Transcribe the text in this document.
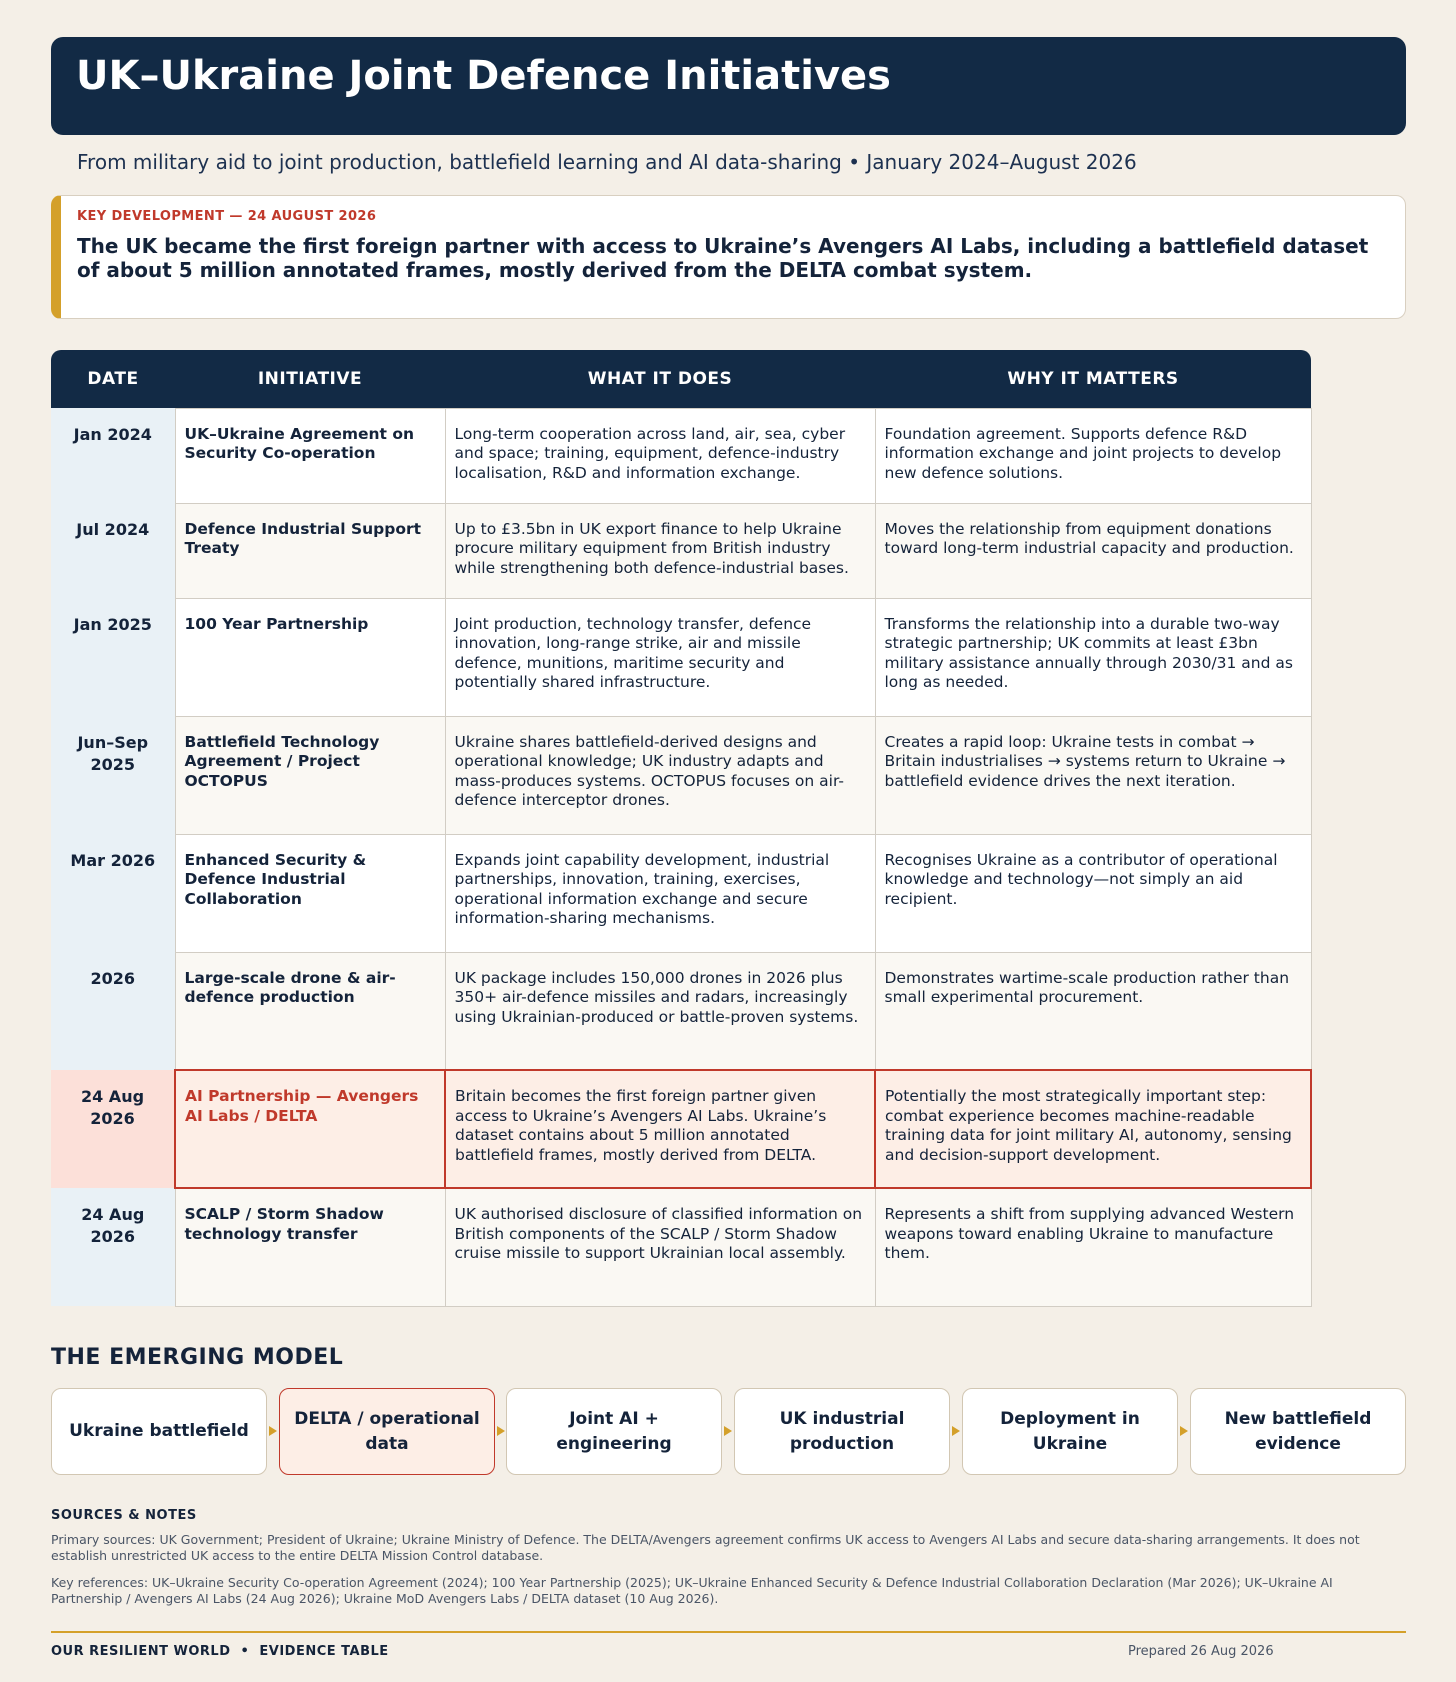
UK–Ukraine Joint Defence Initiatives
From military aid to joint production, battlefield learning and AI data-sharing • January 2024–August 2026
KEY DEVELOPMENT — 24 AUGUST 2026
The UK became the first foreign partner with access to Ukraine’s Avengers AI Labs, including a battlefield dataset of about 5 million annotated frames, mostly derived from the DELTA combat system.
DATE	INITIATIVE	WHAT IT DOES	WHY IT MATTERS
Jan 2024	UK–Ukraine Agreement on Security Co-operation	Long-term cooperation across land, air, sea, cyber and space; training, equipment, defence-industry localisation, R&D and information exchange.	Foundation agreement. Supports defence R&D information exchange and joint projects to develop new defence solutions.
Jul 2024	Defence Industrial Support Treaty	Up to £3.5bn in UK export finance to help Ukraine procure military equipment from British industry while strengthening both defence-industrial bases.	Moves the relationship from equipment donations toward long-term industrial capacity and production.
Jan 2025	100 Year Partnership	Joint production, technology transfer, defence innovation, long-range strike, air and missile defence, munitions, maritime security and potentially shared infrastructure.	Transforms the relationship into a durable two-way strategic partnership; UK commits at least £3bn military assistance annually through 2030/31 and as long as needed.
Jun–Sep 2025	Battlefield Technology Agreement / Project OCTOPUS	Ukraine shares battlefield-derived designs and operational knowledge; UK industry adapts and mass-produces systems. OCTOPUS focuses on air-defence interceptor drones.	Creates a rapid loop: Ukraine tests in combat → Britain industrialises → systems return to Ukraine → battlefield evidence drives the next iteration.
Mar 2026	Enhanced Security & Defence Industrial Collaboration	Expands joint capability development, industrial partnerships, innovation, training, exercises, operational information exchange and secure information-sharing mechanisms.	Recognises Ukraine as a contributor of operational knowledge and technology—not simply an aid recipient.
2026	Large-scale drone & air-defence production	UK package includes 150,000 drones in 2026 plus 350+ air-defence missiles and radars, increasingly using Ukrainian-produced or battle-proven systems.	Demonstrates wartime-scale production rather than small experimental procurement.
24 Aug 2026	AI Partnership — Avengers AI Labs / DELTA	Britain becomes the first foreign partner given access to Ukraine’s Avengers AI Labs. Ukraine’s dataset contains about 5 million annotated battlefield frames, mostly derived from DELTA.	Potentially the most strategically important step: combat experience becomes machine-readable training data for joint military AI, autonomy, sensing and decision-support development.
24 Aug 2026	SCALP / Storm Shadow technology transfer	UK authorised disclosure of classified information on British components of the SCALP / Storm Shadow cruise missile to support Ukrainian local assembly.	Represents a shift from supplying advanced Western weapons toward enabling Ukraine to manufacture them.
THE EMERGING MODEL
Ukraine battlefield
DELTA / operational data
Joint AI + engineering
UK industrial production
Deployment in Ukraine
New battlefield evidence
SOURCES & NOTES
Primary sources: UK Government; President of Ukraine; Ukraine Ministry of Defence. The DELTA/Avengers agreement confirms UK access to Avengers AI Labs and secure data-sharing arrangements. It does not establish unrestricted UK access to the entire DELTA Mission Control database.
Key references: UK–Ukraine Security Co-operation Agreement (2024); 100 Year Partnership (2025); UK–Ukraine Enhanced Security & Defence Industrial Collaboration Declaration (Mar 2026); UK–Ukraine AI Partnership / Avengers AI Labs (24 Aug 2026); Ukraine MoD Avengers Labs / DELTA dataset (10 Aug 2026).
OUR RESILIENT WORLD  •  EVIDENCE TABLE	Prepared 26 Aug 2026
